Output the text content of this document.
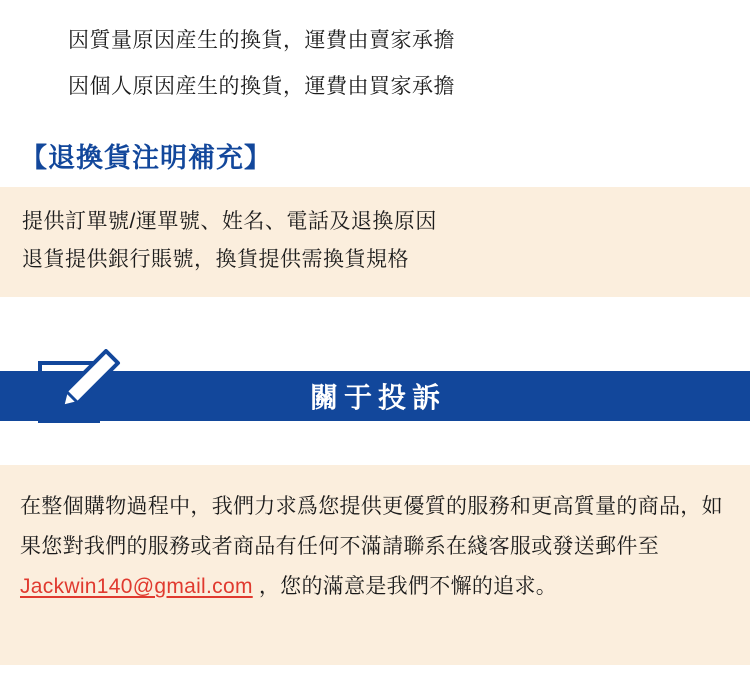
因質量原因産生的換貨，運費由賣家承擔
因個人原因産生的換貨，運費由買家承擔
【退換貨注明補充】
提供訂單號/運單號、姓名、電話及退換原因
退貨提供銀行賬號，換貨提供需換貨規格
關于投訴
在整個購物過程中，我們力求爲您提供更優質的服務和更高質量的商品，如果您對我們的服務或者商品有任何不滿請聯系在綫客服或發送郵件至 Jackwin140@gmail.com ，您的滿意是我們不懈的追求。
